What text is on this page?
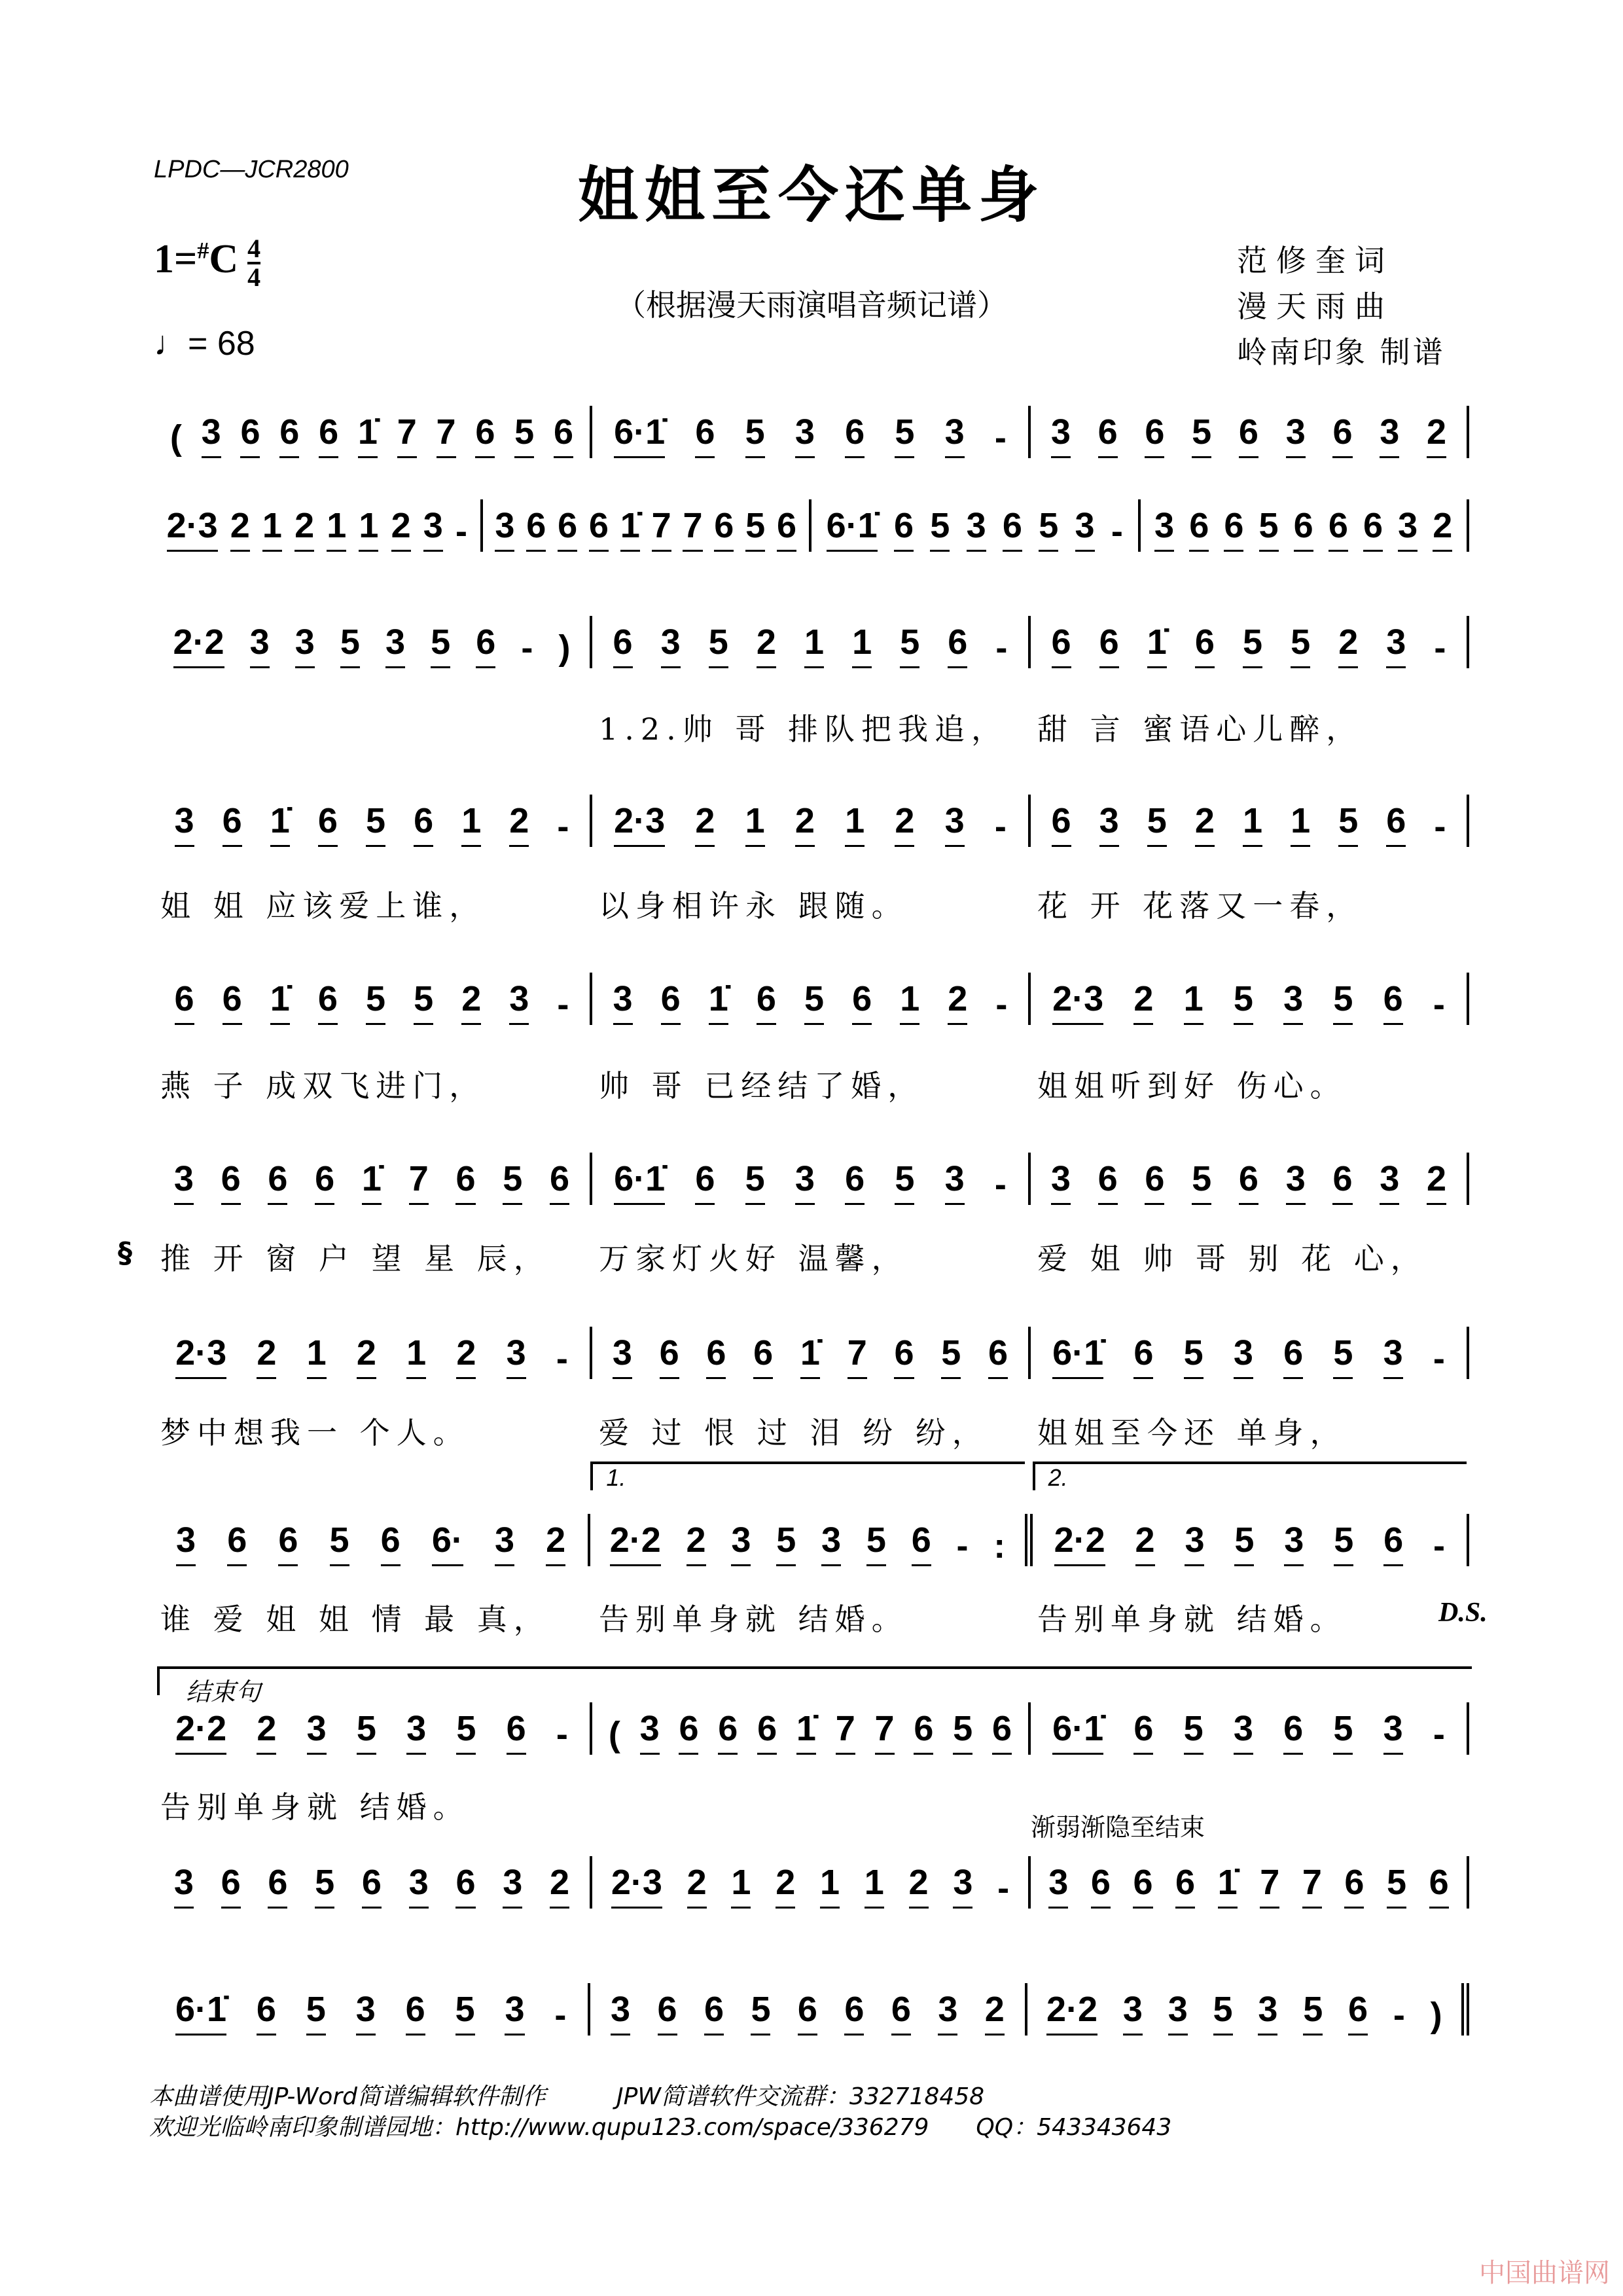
LPDC—JCR2800	姐姐至今还单身
$1=^{\#}C \frac{4}{4}$
（根据漫天雨演唱音频记谱）
♩= 68
范修奎词
漫天雨曲
岭南印象 制谱
( 3 6 6 6 1̇ 7 7 6 5 6 6·1̇ 6 5 3 6 5 3 - 3 6 6 5 6 3 6 3 2
2·3 2 1 2 1 1 2 3 - 3 6 6 6 1̇ 7 7 6 5 6 6·1̇ 6 5 3 6 5 3 - 3 6 6 5 6 6 6 3 2
2·2 3 3 5 3 5 6 - ) 6 3 5 2 1 1 5 6 - 6 6 1̇ 6 5 5 2 3 -
1.2.帅 哥 排队把我追， 甜 言 蜜语心儿醉，
3 6 1̇ 6 5 6 1 2 - 2·3 2 1 2 1 2 3 - 6 3 5 2 1 1 5 6 -
姐 姐 应该爱上谁，	以身相许永 跟随。	花 开 花落又一春，
6 6 1̇ 6 5 5 2 3 - 3 6 1̇ 6 5 6 1 2 - 2·3 2 1 5 3 5 6 -
燕 子 成双飞进门，	帅 哥 已经结了婚，	姐姐听到好 伤心。
3 6 6 6 1̇ 7 6 5 6 6·1̇ 6 5 3 6 5 3 - 3 6 6 5 6 3 6 3 2
推 开 窗 户 望 星 辰，	万家灯火好 温馨，	爱 姐 帅 哥 别 花 心，
2·3 2 1 2 1 2 3 - 3 6 6 6 1̇ 7 6 5 6 6·1̇ 6 5 3 6 5 3 -
梦中想我一 个人。	爱 过 恨 过 泪 纷 纷，	姐姐至今还 单身，
3 6 6 5 6 6· 3 2 2·2 2 3 5 3 5 6 - :
1.
2·2 2 3 5 3 5 6 -
2.
谁 爱 姐 姐 情 最 真，	告别单身就 结婚。	告别单身就 结婚。
2·2 2 3 5 3 5 6 - ( 3 6 6 6 1̇ 7 7 6 5 6 6·1̇ 6 5 3 6 5 3 -
告别单身就 结婚。
3 6 6 5 6 3 6 3 2 2·3 2 1 2 1 1 2 3 - 3 6 6 6 1̇ 7 7 6 5 6
6·1̇ 6 5 3 6 5 3 - 3 6 6 5 6 6 6 3 2 2·2 3 3 5 3 5 6 - )
结束句
渐弱渐隐至结束
D.S.
§
本曲谱使用JP-Word简谱编辑软件制作　　　JPW简谱软件交流群：332718458
欢迎光临岭南印象制谱园地：http://www.qupu123.com/space/336279　　QQ：543343643
中国曲谱网
